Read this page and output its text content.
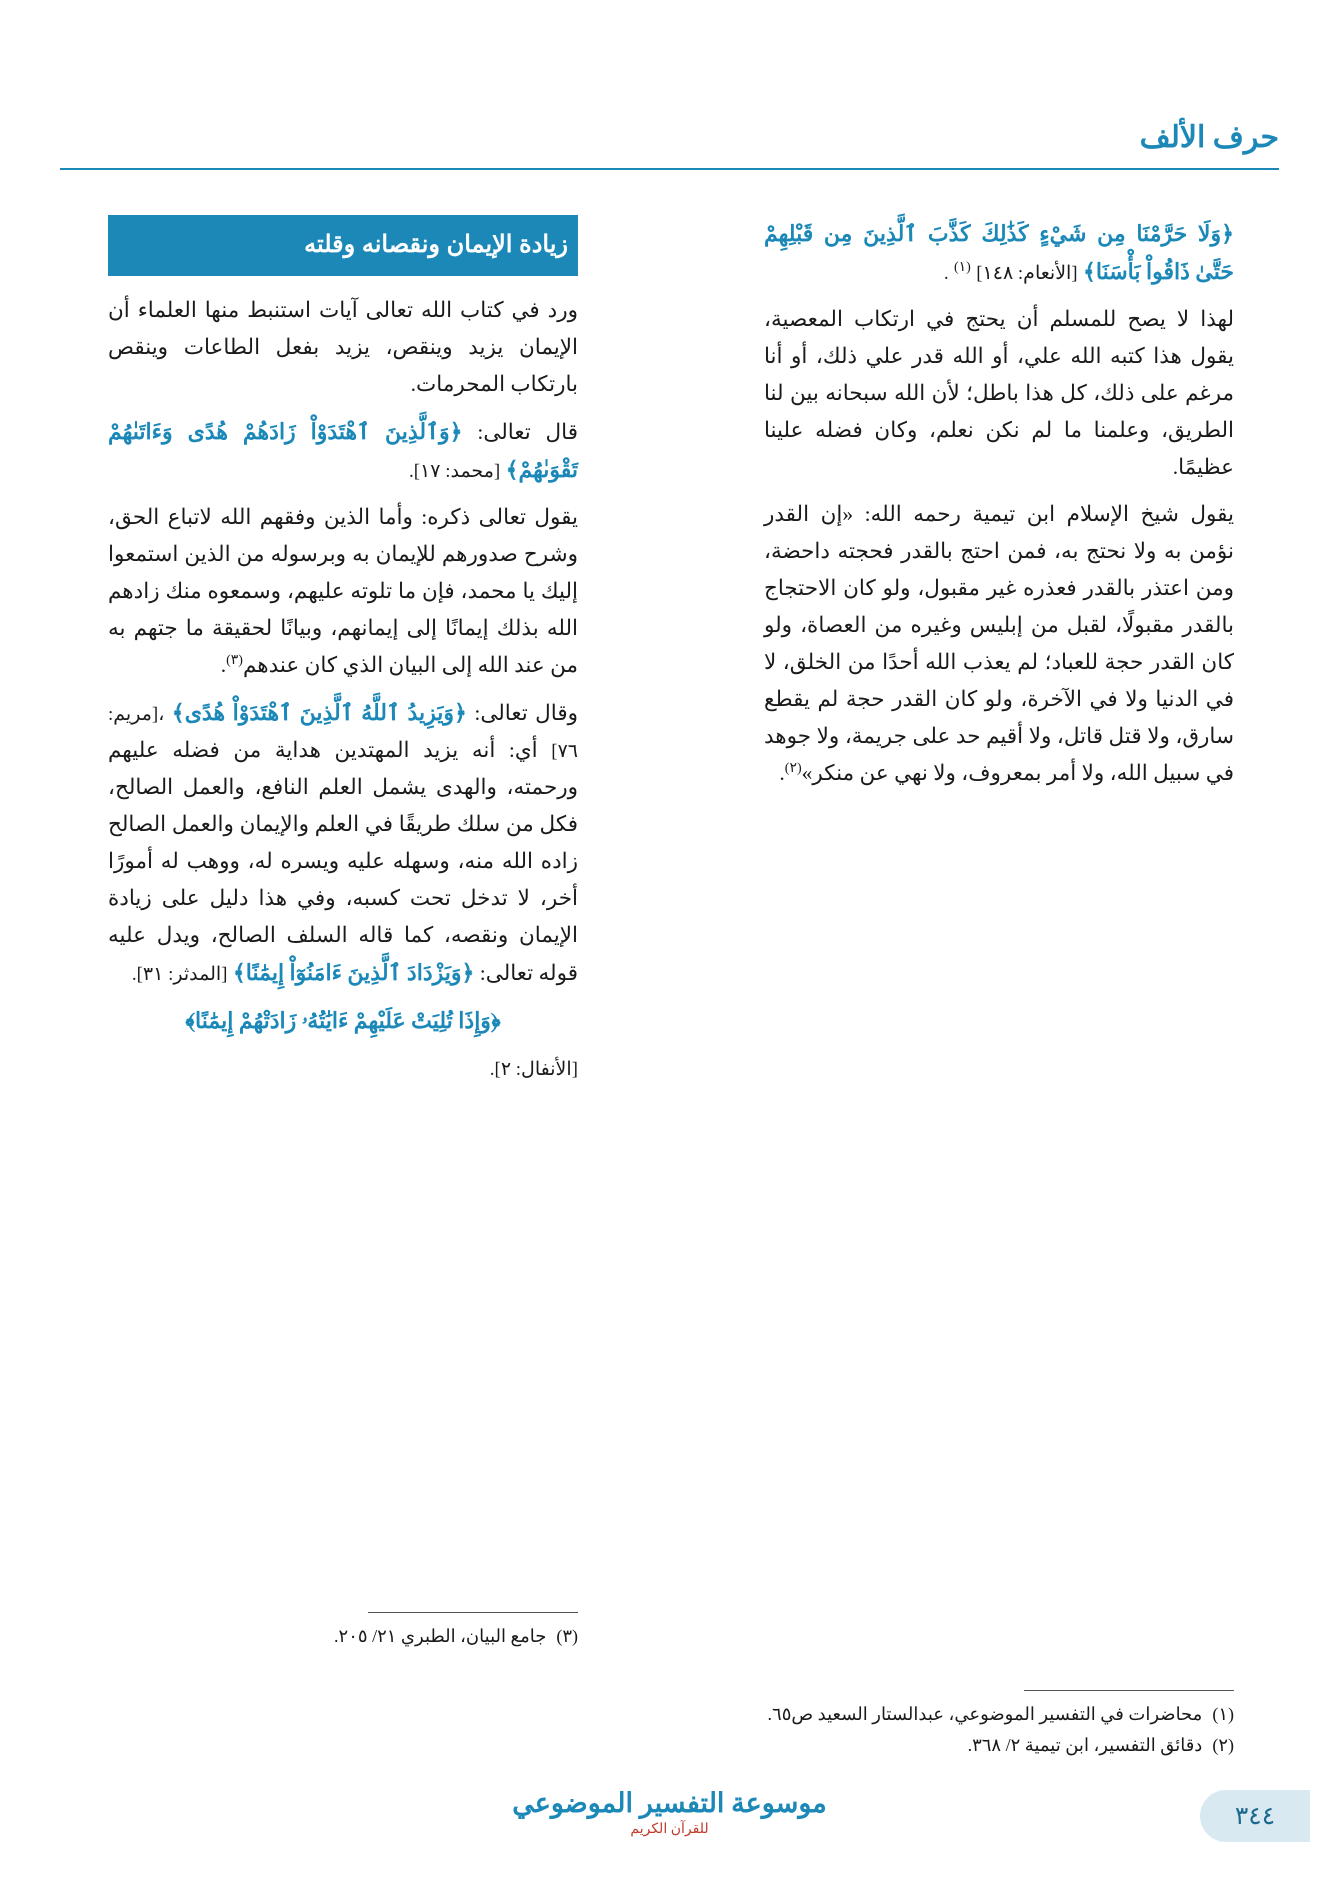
حرف الألف

﴿وَلَا حَرَّمْنَا مِن شَيْءٍ كَذَٰلِكَ كَذَّبَ ٱلَّذِينَ مِن قَبْلِهِمْ حَتَّىٰ ذَاقُواْ بَأْسَنَا﴾ [الأنعام: ١٤٨] $^{(١)}$ .

لهذا لا يصح للمسلم أن يحتج في ارتكاب المعصية، يقول هذا كتبه الله علي، أو الله قدر علي ذلك، أو أنا مرغم على ذلك، كل هذا باطل؛ لأن الله سبحانه بين لنا الطريق، وعلمنا ما لم نكن نعلم، وكان فضله علينا عظيمًا.

يقول شيخ الإسلام ابن تيمية رحمه الله: «إن القدر نؤمن به ولا نحتج به، فمن احتج بالقدر فحجته داحضة، ومن اعتذر بالقدر فعذره غير مقبول، ولو كان الاحتجاج بالقدر مقبولًا، لقبل من إبليس وغيره من العصاة، ولو كان القدر حجة للعباد؛ لم يعذب الله أحدًا من الخلق، لا في الدنيا ولا في الآخرة، ولو كان القدر حجة لم يقطع سارق، ولا قتل قاتل، ولا أقيم حد على جريمة، ولا جوهد في سبيل الله، ولا أمر بمعروف، ولا نهي عن منكر»$^{(٢)}$.

زيادة الإيمان ونقصانه وقلته

ورد في كتاب الله تعالى آيات استنبط منها العلماء أن الإيمان يزيد وينقص، يزيد بفعل الطاعات وينقص بارتكاب المحرمات.

قال تعالى: ﴿وَٱلَّذِينَ ٱهْتَدَوْاْ زَادَهُمْ هُدًى وَءَاتَىٰهُمْ تَقْوَىٰهُمْ﴾ [محمد: ١٧].

يقول تعالى ذكره: وأما الذين وفقهم الله لاتباع الحق، وشرح صدورهم للإيمان به وبرسوله من الذين استمعوا إليك يا محمد، فإن ما تلوته عليهم، وسمعوه منك زادهم الله بذلك إيمانًا إلى إيمانهم، وبيانًا لحقيقة ما جتهم به من عند الله إلى البيان الذي كان عندهم$^{(٣)}$.

وقال تعالى: ﴿وَيَزِيدُ ٱللَّهُ ٱلَّذِينَ ٱهْتَدَوْاْ هُدًى﴾ ،[مريم: ٧٦] أي: أنه يزيد المهتدين هداية من فضله عليهم ورحمته، والهدى يشمل العلم النافع، والعمل الصالح، فكل من سلك طريقًا في العلم والإيمان والعمل الصالح زاده الله منه، وسهله عليه ويسره له، ووهب له أمورًا أخر، لا تدخل تحت كسبه، وفي هذا دليل على زيادة الإيمان ونقصه، كما قاله السلف الصالح، ويدل عليه قوله تعالى: ﴿وَيَزْدَادَ ٱلَّذِينَ ءَامَنُوٓاْ إِيمَٰنًا﴾ [المدثر: ٣١].

﴿وَإِذَا تُلِيَتْ عَلَيْهِمْ ءَايَٰتُهُۥ زَادَتْهُمْ إِيمَٰنًا﴾

[الأنفال: ٢].

(٣)
جامع البيان، الطبري ٢١/ ٢٠٥.
(١)
محاضرات في التفسير الموضوعي، عبدالستار السعيد ص٦٥.
(٢)
دقائق التفسير، ابن تيمية ٢/ ٣٦٨.
موسوعة التفسير الموضوعي
للقرآن الكريم	٣٤٤
